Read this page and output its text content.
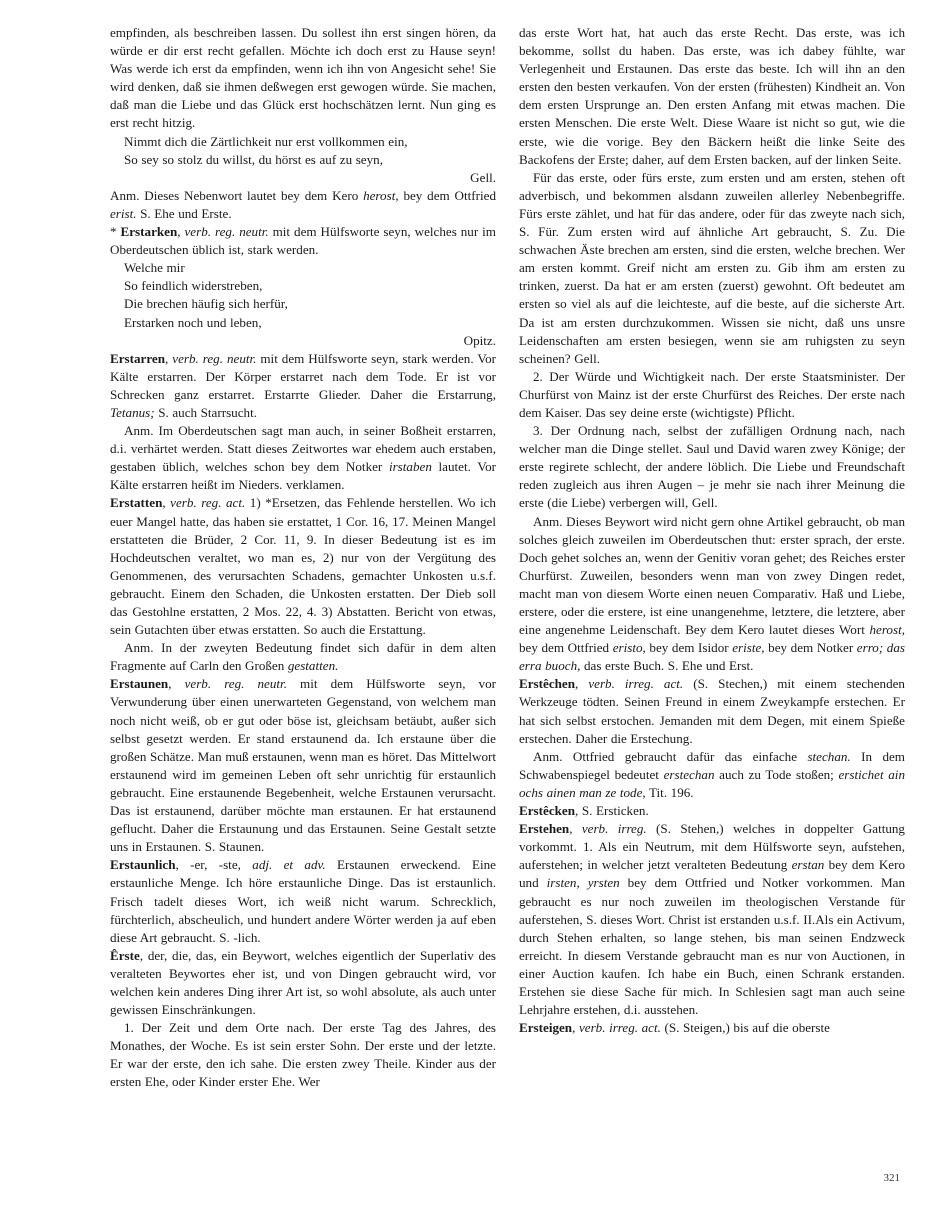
empfinden, als beschreiben lassen. Du sollest ihn erst singen hören, da würde er dir erst recht gefallen. Möchte ich doch erst zu Hause seyn! Was werde ich erst da empfinden, wenn ich ihn von Angesicht sehe! Sie wird denken, daß sie ihmen deßwegen erst gewogen würde. Sie machen, daß man die Liebe und das Glück erst hochschätzen lernt. Nun ging es erst recht hitzig.

Nimmt dich die Zärtlichkeit nur erst vollkommen ein,

So sey so stolz du willst, du hörst es auf zu seyn,

Gell.

Anm. Dieses Nebenwort lautet bey dem Kero herost, bey dem Ottfried erist. S. Ehe und Erste.

* Erstarken, verb. reg. neutr. mit dem Hülfsworte seyn, welches nur im Oberdeutschen üblich ist, stark werden.

Welche mir

So feindlich widerstreben,

Die brechen häufig sich herfür,

Erstarken noch und leben,

Opitz.

Erstarren, verb. reg. neutr. mit dem Hülfsworte seyn, stark werden. Vor Kälte erstarren. Der Körper erstarret nach dem Tode. Er ist vor Schrecken ganz erstarret. Erstarrte Glieder. Daher die Erstarrung, Tetanus; S. auch Starrsucht.

Anm. Im Oberdeutschen sagt man auch, in seiner Boßheit erstarren, d.i. verhärtet werden. Statt dieses Zeitwortes war ehedem auch erstaben, gestaben üblich, welches schon bey dem Notker irstaben lautet. Vor Kälte erstarren heißt im Nieders. verklamen.

Erstatten, verb. reg. act. 1) *Ersetzen, das Fehlende herstellen. Wo ich euer Mangel hatte, das haben sie erstattet, 1 Cor. 16, 17. Meinen Mangel erstatteten die Brüder, 2 Cor. 11, 9. In dieser Bedeutung ist es im Hochdeutschen veraltet, wo man es, 2) nur von der Vergütung des Genommenen, des verursachten Schadens, gemachter Unkosten u.s.f. gebraucht. Einem den Schaden, die Unkosten erstatten. Der Dieb soll das Gestohlne erstatten, 2 Mos. 22, 4. 3) Abstatten. Bericht von etwas, sein Gutachten über etwas erstatten. So auch die Erstattung.

Anm. In der zweyten Bedeutung findet sich dafür in dem alten Fragmente auf Carln den Großen gestatten.

Erstaunen, verb. reg. neutr. mit dem Hülfsworte seyn, vor Verwunderung über einen unerwarteten Gegenstand, von welchem man noch nicht weiß, ob er gut oder böse ist, gleichsam betäubt, außer sich selbst gesetzt werden. Er stand erstaunend da. Ich erstaune über die großen Schätze. Man muß erstaunen, wenn man es höret. Das Mittelwort erstaunend wird im gemeinen Leben oft sehr unrichtig für erstaunlich gebraucht. Eine erstaunende Begebenheit, welche Erstaunen verursacht. Das ist erstaunend, darüber möchte man erstaunen. Er hat erstaunend geflucht. Daher die Erstaunung und das Erstaunen. Seine Gestalt setzte uns in Erstaunen. S. Staunen.

Erstaunlich, -er, -ste, adj. et adv. Erstaunen erweckend. Eine erstaunliche Menge. Ich höre erstaunliche Dinge. Das ist erstaunlich. Frisch tadelt dieses Wort, ich weiß nicht warum. Schrecklich, fürchterlich, abscheulich, und hundert andere Wörter werden ja auf eben diese Art gebraucht. S. -lich.

Êrste, der, die, das, ein Beywort, welches eigentlich der Superlativ des veralteten Beywortes eher ist, und von Dingen gebraucht wird, vor welchen kein anderes Ding ihrer Art ist, so wohl absolute, als auch unter gewissen Einschränkungen.

1. Der Zeit und dem Orte nach. Der erste Tag des Jahres, des Monathes, der Woche. Es ist sein erster Sohn. Der erste und der letzte. Er war der erste, den ich sahe. Die ersten zwey Theile. Kinder aus der ersten Ehe, oder Kinder erster Ehe. Wer

das erste Wort hat, hat auch das erste Recht. Das erste, was ich bekomme, sollst du haben. Das erste, was ich dabey fühlte, war Verlegenheit und Erstaunen. Das erste das beste. Ich will ihn an den ersten den besten verkaufen. Von der ersten (frühesten) Kindheit an. Von dem ersten Ursprunge an. Den ersten Anfang mit etwas machen. Die ersten Menschen. Die erste Welt. Diese Waare ist nicht so gut, wie die erste, wie die vorige. Bey den Bäckern heißt die linke Seite des Backofens der Erste; daher, auf dem Ersten backen, auf der linken Seite.

Für das erste, oder fürs erste, zum ersten und am ersten, stehen oft adverbisch, und bekommen alsdann zuweilen allerley Nebenbegriffe. Fürs erste zählet, und hat für das andere, oder für das zweyte nach sich, S. Für. Zum ersten wird auf ähnliche Art gebraucht, S. Zu. Die schwachen Äste brechen am ersten, sind die ersten, welche brechen. Wer am ersten kommt. Greif nicht am ersten zu. Gib ihm am ersten zu trinken, zuerst. Da hat er am ersten (zuerst) gewohnt. Oft bedeutet am ersten so viel als auf die leichteste, auf die beste, auf die sicherste Art. Da ist am ersten durchzukommen. Wissen sie nicht, daß uns unsre Leidenschaften am ersten besiegen, wenn sie am ruhigsten zu seyn scheinen? Gell.

2. Der Würde und Wichtigkeit nach. Der erste Staatsminister. Der Churfürst von Mainz ist der erste Churfürst des Reiches. Der erste nach dem Kaiser. Das sey deine erste (wichtigste) Pflicht.

3. Der Ordnung nach, selbst der zufälligen Ordnung nach, nach welcher man die Dinge stellet. Saul und David waren zwey Könige; der erste regirete schlecht, der andere löblich. Die Liebe und Freundschaft reden zugleich aus ihren Augen – je mehr sie nach ihrer Meinung die erste (die Liebe) verbergen will, Gell.

Anm. Dieses Beywort wird nicht gern ohne Artikel gebraucht, ob man solches gleich zuweilen im Oberdeutschen thut: erster sprach, der erste. Doch gehet solches an, wenn der Genitiv voran gehet; des Reiches erster Churfürst. Zuweilen, besonders wenn man von zwey Dingen redet, macht man von diesem Worte einen neuen Comparativ. Haß und Liebe, erstere, oder die erstere, ist eine unangenehme, letztere, die letztere, aber eine angenehme Leidenschaft. Bey dem Kero lautet dieses Wort herost, bey dem Ottfried eristo, bey dem Isidor eriste, bey dem Notker erro; das erra buoch, das erste Buch. S. Ehe und Erst.

Erstêchen, verb. irreg. act. (S. Stechen,) mit einem stechenden Werkzeuge tödten. Seinen Freund in einem Zweykampfe erstechen. Er hat sich selbst erstochen. Jemanden mit dem Degen, mit einem Spieße erstechen. Daher die Erstechung.

Anm. Ottfried gebraucht dafür das einfache stechan. In dem Schwabenspiegel bedeutet erstechan auch zu Tode stoßen; erstichet ain ochs ainen man ze tode, Tit. 196.

Erstêcken, S. Ersticken.

Erstehen, verb. irreg. (S. Stehen,) welches in doppelter Gattung vorkommt. 1. Als ein Neutrum, mit dem Hülfsworte seyn, aufstehen, auferstehen; in welcher jetzt veralteten Bedeutung erstan bey dem Kero und irsten, yrsten bey dem Ottfried und Notker vorkommen. Man gebraucht es nur noch zuweilen im theologischen Verstande für auferstehen, S. dieses Wort. Christ ist erstanden u.s.f. II.Als ein Activum, durch Stehen erhalten, so lange stehen, bis man seinen Endzweck erreicht. In diesem Verstande gebraucht man es nur von Auctionen, in einer Auction kaufen. Ich habe ein Buch, einen Schrank erstanden. Erstehen sie diese Sache für mich. In Schlesien sagt man auch seine Lehrjahre erstehen, d.i. ausstehen.

Ersteigen, verb. irreg. act. (S. Steigen,) bis auf die oberste

321
